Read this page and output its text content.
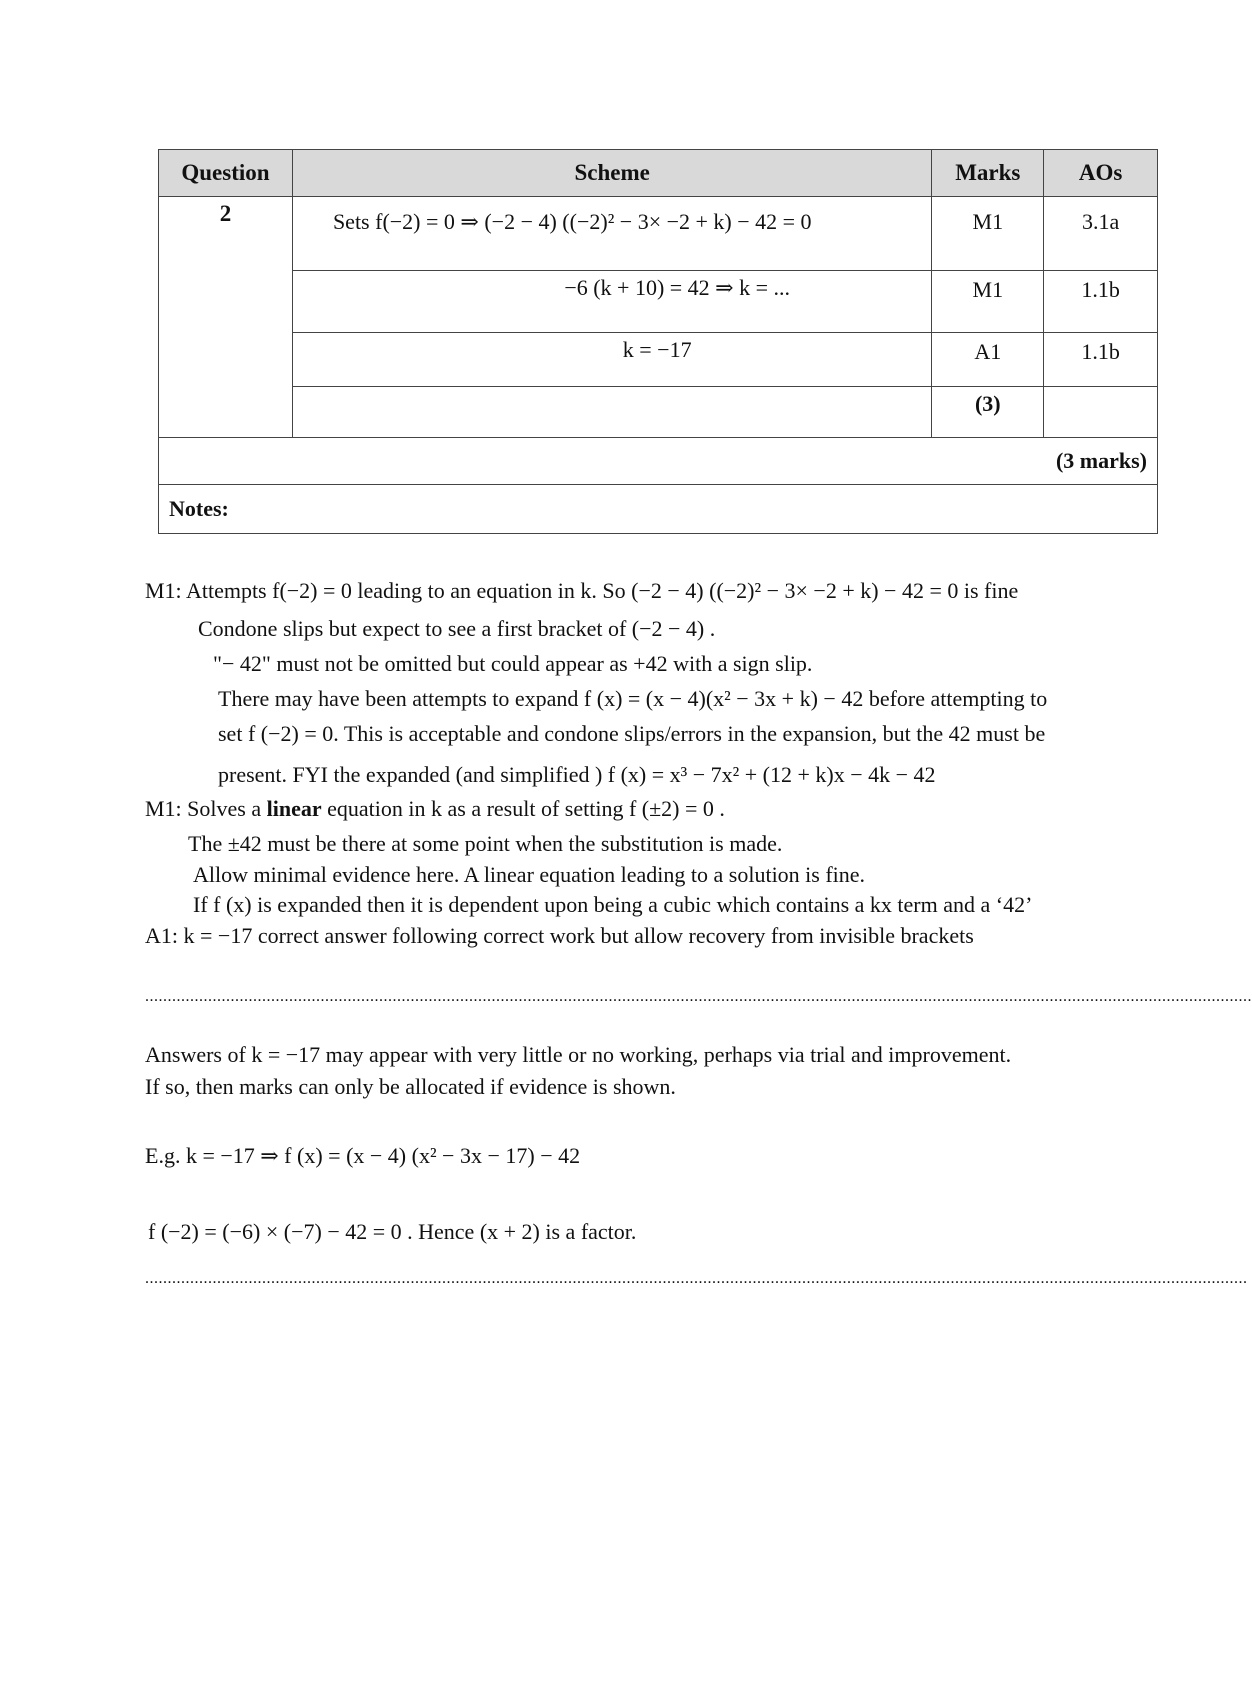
Question	Scheme	Marks	AOs
2	Sets f(−2) = 0 ⇒ (−2 − 4) ((−2)² − 3× −2 + k) − 42 = 0	M1	3.1a
	−6 (k + 10) = 42 ⇒ k = ...	M1	1.1b
	k = −17	A1	1.1b
		(3)	
(3 marks)			
Notes:			
M1: Attempts f(−2) = 0 leading to an equation in k. So (−2 − 4) ((−2)² − 3× −2 + k) − 42 = 0 is fine
Condone slips but expect to see a first bracket of (−2 − 4) .
"− 42" must not be omitted but could appear as +42 with a sign slip.
There may have been attempts to expand f (x) = (x − 4)(x² − 3x + k) − 42 before attempting to
set f (−2) = 0. This is acceptable and condone slips/errors in the expansion, but the 42 must be
present. FYI the expanded (and simplified ) f (x) = x³ − 7x² + (12 + k)x − 4k − 42
M1: Solves a linear equation in k as a result of setting f (±2) = 0 .
The ±42 must be there at some point when the substitution is made.
Allow minimal evidence here. A linear equation leading to a solution is fine.
If f (x) is expanded then it is dependent upon being a cubic which contains a kx term and a ‘42’
A1: k = −17 correct answer following correct work but allow recovery from invisible brackets
......................................................................................................................................................................................................................................................
Answers of k = −17 may appear with very little or no working, perhaps via trial and improvement.
If so, then marks can only be allocated if evidence is shown.
E.g. k = −17 ⇒ f (x) = (x − 4) (x² − 3x − 17) − 42
f (−2) = (−6) × (−7) − 42 = 0 . Hence (x + 2) is a factor.
.....................................................................................................................................................................................................................................................
